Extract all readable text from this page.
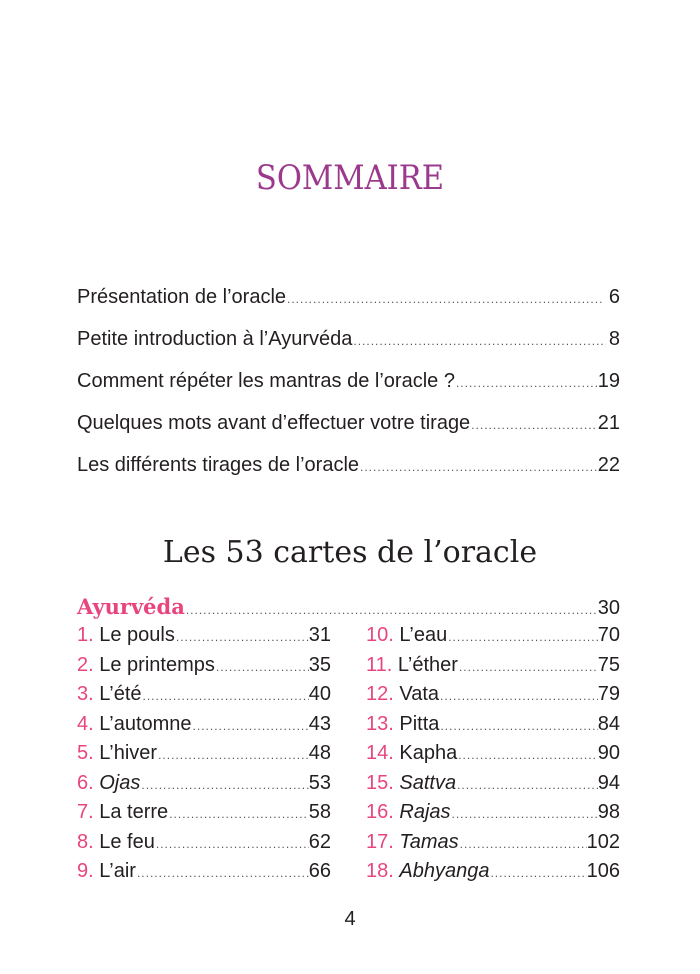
SOMMAIRE
Présentation de l’oracle .....	6
Petite introduction à l’Ayurvéda .....	8
Comment répéter les mantras de l’oracle ? .....	19
Quelques mots avant d’effectuer votre tirage .....	21
Les différents tirages de l’oracle .....	22
Les 53 cartes de l’oracle
Ayurvéda .....	30
1. Le pouls .....	31
2. Le printemps .....	35
3. L’été .....	40
4. L’automne .....	43
5. L’hiver .....	48
6. Ojas .....	53
7. La terre .....	58
8. Le feu .....	62
9. L’air .....	66
10. L’eau .....	70
11. L’éther .....	75
12. Vata .....	79
13. Pitta .....	84
14. Kapha .....	90
15. Sattva .....	94
16. Rajas .....	98
17. Tamas .....	102
18. Abhyanga .....	106
4
